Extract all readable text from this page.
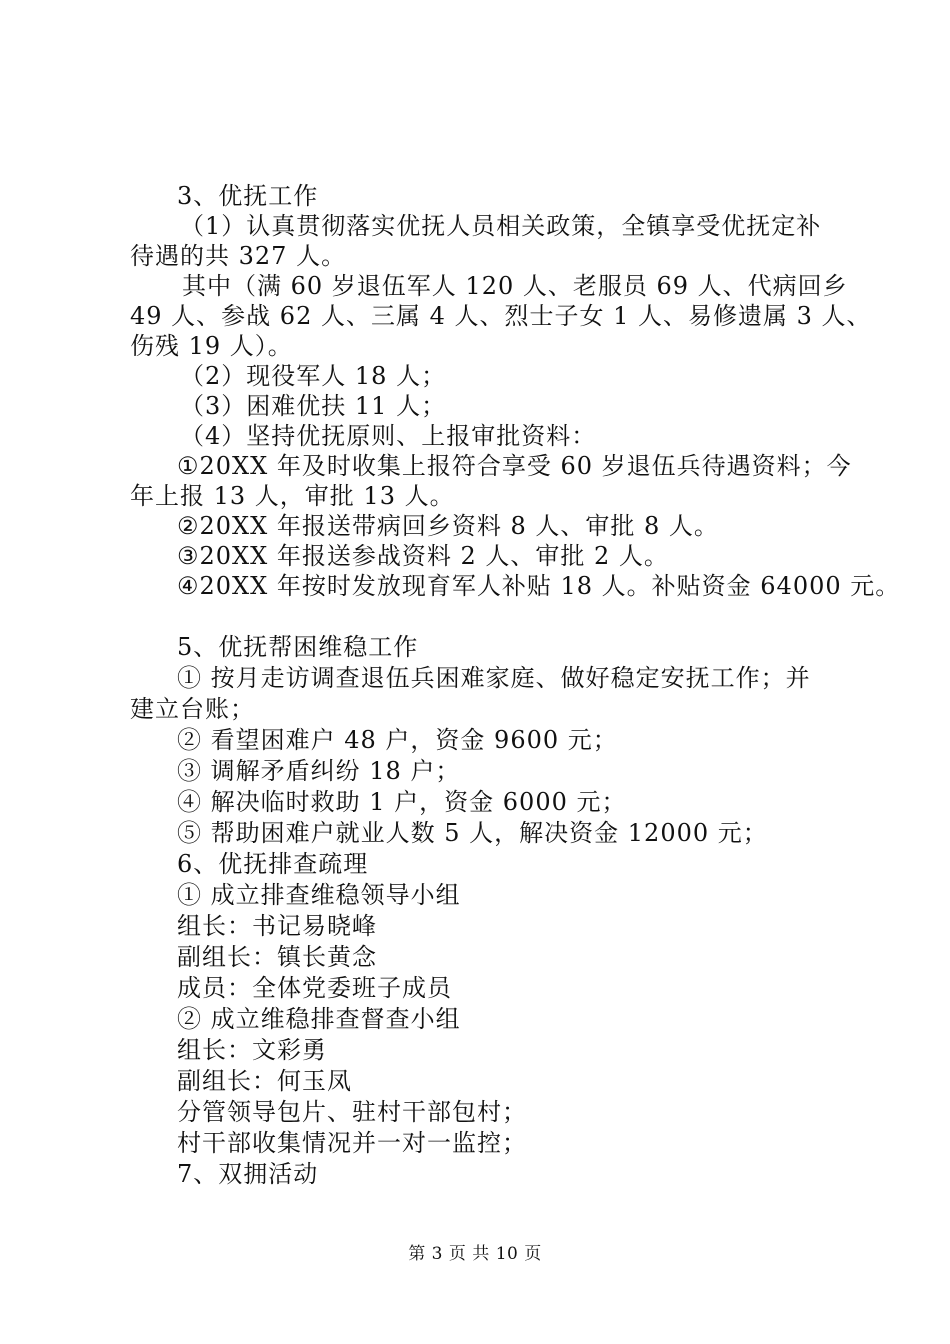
3、优抚工作
（1）认真贯彻落实优抚人员相关政策，全镇享受优抚定补
待遇的共 327 人。
其中（满 60 岁退伍军人 120 人、老服员 69 人、代病回乡
49 人、参战 62 人、三属 4 人、烈士子女 1 人、易修遗属 3 人、
伤残 19 人）。
（2）现役军人 18 人；
（3）困难优扶 11 人；
（4）坚持优抚原则、上报审批资料：
①20XX 年及时收集上报符合享受 60 岁退伍兵待遇资料；今
年上报 13 人，审批 13 人。
②20XX 年报送带病回乡资料 8 人、审批 8 人。
③20XX 年报送参战资料 2 人、审批 2 人。
④20XX 年按时发放现育军人补贴 18 人。补贴资金 64000 元。
5、优抚帮困维稳工作
① 按月走访调查退伍兵困难家庭、做好稳定安抚工作；并
建立台账；
② 看望困难户 48 户，资金 9600 元；
③ 调解矛盾纠纷 18 户；
④ 解决临时救助 1 户，资金 6000 元；
⑤ 帮助困难户就业人数 5 人，解决资金 12000 元；
6、优抚排查疏理
① 成立排查维稳领导小组
组长：书记易晓峰
副组长：镇长黄念
成员：全体党委班子成员
② 成立维稳排查督查小组
组长：文彩勇
副组长：何玉凤
分管领导包片、驻村干部包村；
村干部收集情况并一对一监控；
7、双拥活动
第 3 页 共 10 页
